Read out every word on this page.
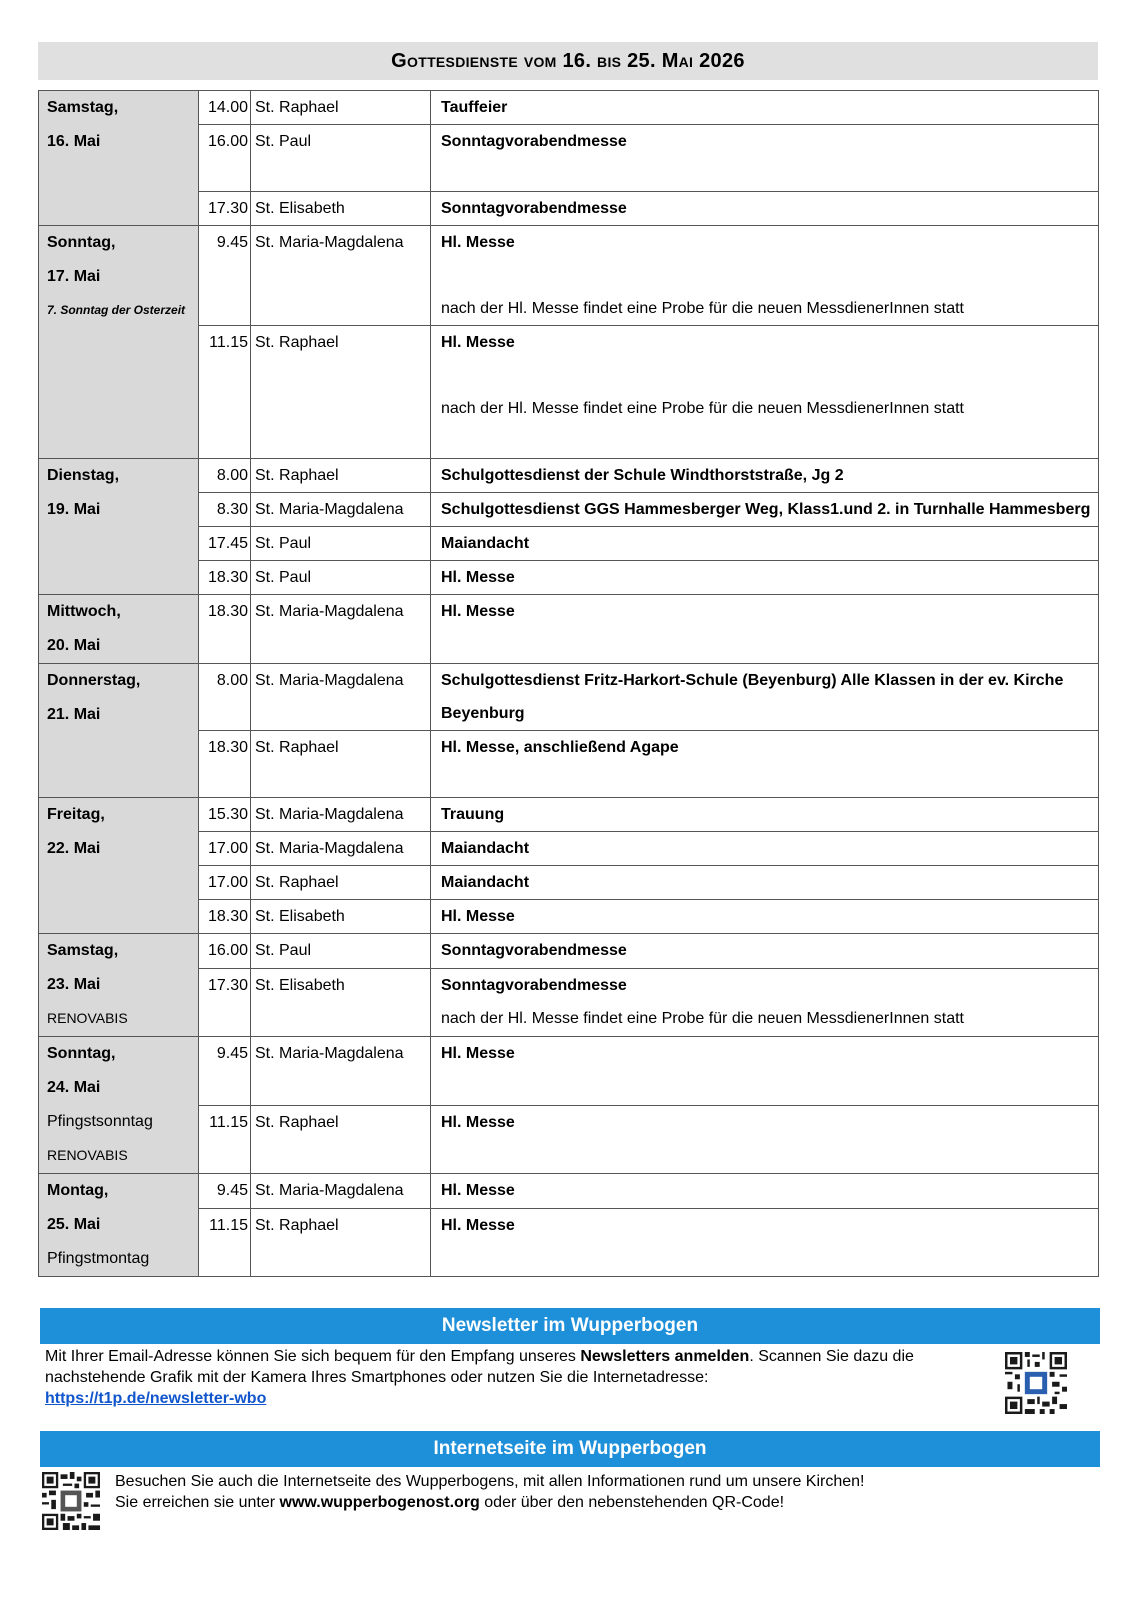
Gottesdienste vom 16. bis 25. Mai 2026
Samstag,
16. Mai	14.00	St. Raphael	Tauffeier

	16.00	St. Paul	Sonntagvorabendmesse

	17.30	St. Elisabeth	Sonntagvorabendmesse

Sonntag,
17. Mai
7. Sonntag der Osterzeit	9.45	St. Maria-Magdalena	Hl. Messe
nach der Hl. Messe findet eine Probe für die neuen MessdienerInnen statt

	11.15	St. Raphael	Hl. Messe
nach der Hl. Messe findet eine Probe für die neuen MessdienerInnen statt

Dienstag,
19. Mai	8.00	St. Raphael	Schulgottesdienst der Schule Windthorststraße, Jg 2

	8.30	St. Maria-Magdalena	Schulgottesdienst GGS Hammesberger Weg, Klass1.und 2. in Turnhalle Hammesberg

	17.45	St. Paul	Maiandacht

	18.30	St. Paul	Hl. Messe

Mittwoch,
20. Mai	18.30	St. Maria-Magdalena	Hl. Messe

Donnerstag,
21. Mai	8.00	St. Maria-Magdalena	Schulgottesdienst Fritz-Harkort-Schule (Beyenburg) Alle Klassen in der ev. Kirche Beyenburg

	18.30	St. Raphael	Hl. Messe, anschließend Agape

Freitag,
22. Mai	15.30	St. Maria-Magdalena	Trauung

	17.00	St. Maria-Magdalena	Maiandacht

	17.00	St. Raphael	Maiandacht

	18.30	St. Elisabeth	Hl. Messe

Samstag,
23. Mai
RENOVABIS	16.00	St. Paul	Sonntagvorabendmesse

	17.30	St. Elisabeth	Sonntagvorabendmesse
nach der Hl. Messe findet eine Probe für die neuen MessdienerInnen statt

Sonntag,
24. Mai
Pfingstsonntag
RENOVABIS	9.45	St. Maria-Magdalena	Hl. Messe

	11.15	St. Raphael	Hl. Messe

Montag,
25. Mai
Pfingstmontag	9.45	St. Maria-Magdalena	Hl. Messe

	11.15	St. Raphael	Hl. Messe
Newsletter im Wupperbogen
Mit Ihrer Email-Adresse können Sie sich bequem für den Empfang unseres Newsletters anmelden. Scannen Sie dazu die nachstehende Grafik mit der Kamera Ihres Smartphones oder nutzen Sie die Internetadresse:
https://t1p.de/newsletter-wbo
Internetseite im Wupperbogen
Besuchen Sie auch die Internetseite des Wupperbogens, mit allen Informationen rund um unsere Kirchen!
Sie erreichen sie unter www.wupperbogenost.org oder über den nebenstehenden QR-Code!
